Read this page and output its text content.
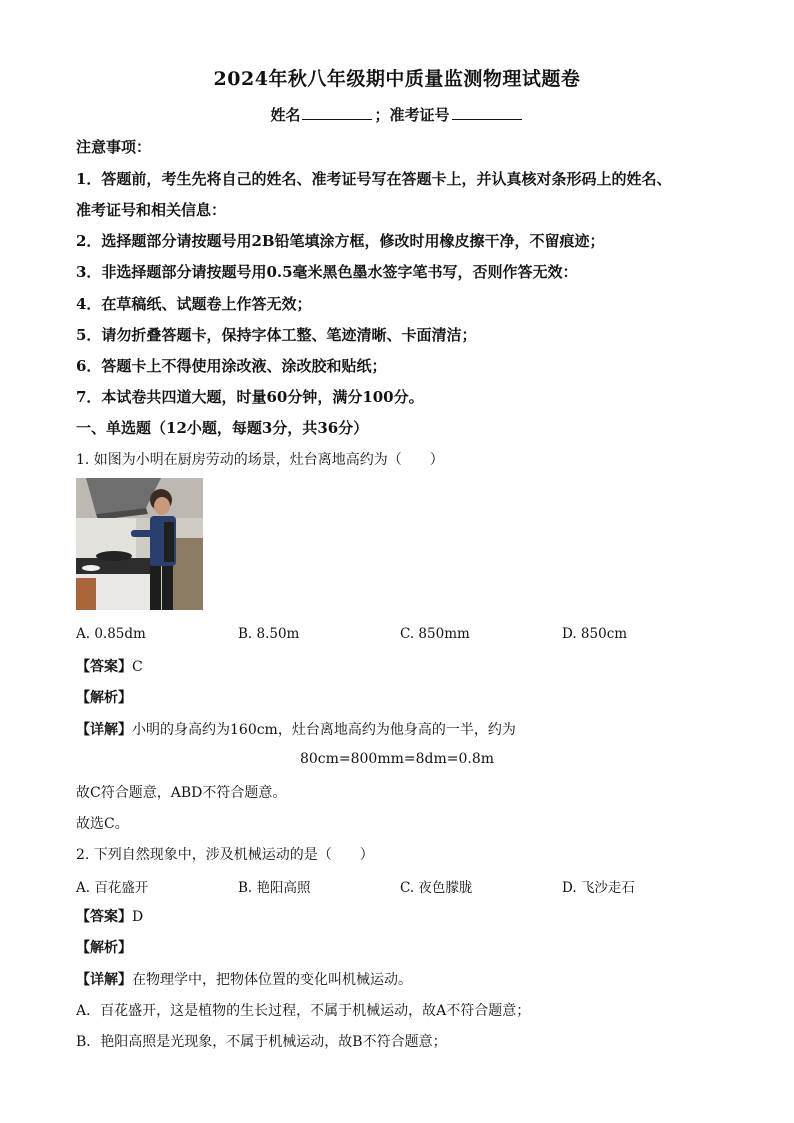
2024年秋八年级期中质量监测物理试题卷
姓名	；准考证号
注意事项：
1．答题前，考生先将自己的姓名、准考证号写在答题卡上，并认真核对条形码上的姓名、
准考证号和相关信息：
2．选择题部分请按题号用2B铅笔填涂方框，修改时用橡皮擦干净，不留痕迹；
3．非选择题部分请按题号用0.5毫米黑色墨水签字笔书写，否则作答无效：
4．在草稿纸、试题卷上作答无效；
5．请勿折叠答题卡，保持字体工整、笔迹清晰、卡面清洁；
6．答题卡上不得使用涂改液、涂改胶和贴纸；
7．本试卷共四道大题，时量60分钟，满分100分。
一、单选题（12小题，每题3分，共36分）
1. 如图为小明在厨房劳动的场景，灶台离地高约为（　　）
A. 0.85dm	B. 8.50m	C. 850mm	D. 850cm
【答案】C
【解析】
【详解】小明的身高约为160cm，灶台离地高约为他身高的一半，约为
80cm=800mm=8dm=0.8m
故C符合题意，ABD不符合题意。
故选C。
2. 下列自然现象中，涉及机械运动的是（　　）
A. 百花盛开	B. 艳阳高照	C. 夜色朦胧	D. 飞沙走石
【答案】D
【解析】
【详解】在物理学中，把物体位置的变化叫机械运动。
A．百花盛开，这是植物的生长过程，不属于机械运动，故A不符合题意；
B．艳阳高照是光现象，不属于机械运动，故B不符合题意；
